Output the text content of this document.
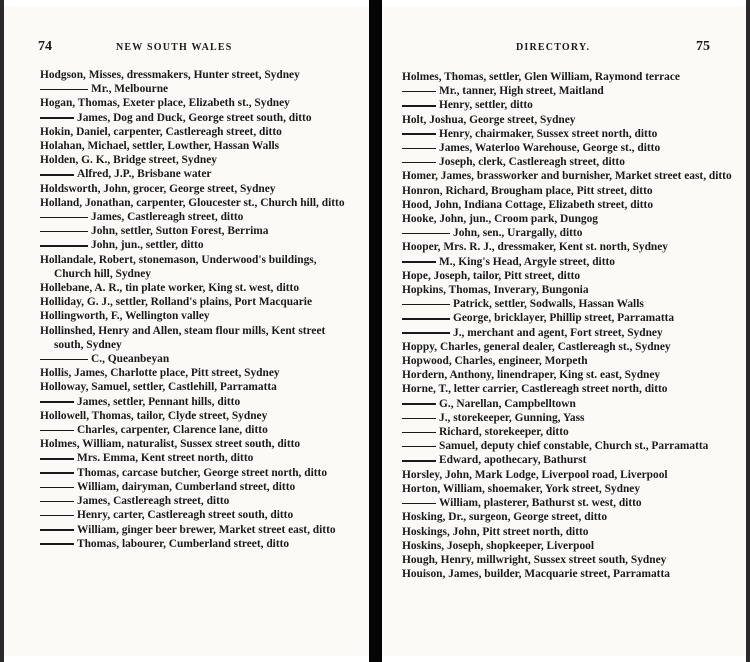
74	NEW SOUTH WALES
Hodgson, Misses, dressmakers, Hunter street, Sydney
Mr., Melbourne
Hogan, Thomas, Exeter place, Elizabeth st., Sydney
James, Dog and Duck, George street south, ditto
Hokin, Daniel, carpenter, Castlereagh street, ditto
Holahan, Michael, settler, Lowther, Hassan Walls
Holden, G. K., Bridge street, Sydney
Alfred, J.P., Brisbane water
Holdsworth, John, grocer, George street, Sydney
Holland, Jonathan, carpenter, Gloucester st., Church hill, ditto
James, Castlereagh street, ditto
John, settler, Sutton Forest, Berrima
John, jun., settler, ditto
Hollandale, Robert, stonemason, Underwood's buildings, Church hill, Sydney
Hollebane, A. R., tin plate worker, King st. west, ditto
Holliday, G. J., settler, Rolland's plains, Port Macquarie
Hollingworth, F., Wellington valley
Hollinshed, Henry and Allen, steam flour mills, Kent street south, Sydney
C., Queanbeyan
Hollis, James, Charlotte place, Pitt street, Sydney
Holloway, Samuel, settler, Castlehill, Parramatta
James, settler, Pennant hills, ditto
Hollowell, Thomas, tailor, Clyde street, Sydney
Charles, carpenter, Clarence lane, ditto
Holmes, William, naturalist, Sussex street south, ditto
Mrs. Emma, Kent street north, ditto
Thomas, carcase butcher, George street north, ditto
William, dairyman, Cumberland street, ditto
James, Castlereagh street, ditto
Henry, carter, Castlereagh street south, ditto
William, ginger beer brewer, Market street east, ditto
Thomas, labourer, Cumberland street, ditto
75
DIRECTORY.
Holmes, Thomas, settler, Glen William, Raymond terrace
Mr., tanner, High street, Maitland
Henry, settler, ditto
Holt, Joshua, George street, Sydney
Henry, chairmaker, Sussex street north, ditto
James, Waterloo Warehouse, George st., ditto
Joseph, clerk, Castlereagh street, ditto
Homer, James, brassworker and burnisher, Market street east, ditto
Honron, Richard, Brougham place, Pitt street, ditto
Hood, John, Indiana Cottage, Elizabeth street, ditto
Hooke, John, jun., Croom park, Dungog
John, sen., Urargally, ditto
Hooper, Mrs. R. J., dressmaker, Kent st. north, Sydney
M., King's Head, Argyle street, ditto
Hope, Joseph, tailor, Pitt street, ditto
Hopkins, Thomas, Inverary, Bungonia
Patrick, settler, Sodwalls, Hassan Walls
George, bricklayer, Phillip street, Parramatta
J., merchant and agent, Fort street, Sydney
Hoppy, Charles, general dealer, Castlereagh st., Sydney
Hopwood, Charles, engineer, Morpeth
Hordern, Anthony, linendraper, King st. east, Sydney
Horne, T., letter carrier, Castlereagh street north, ditto
G., Narellan, Campbelltown
J., storekeeper, Gunning, Yass
Richard, storekeeper, ditto
Samuel, deputy chief constable, Church st., Parramatta
Edward, apothecary, Bathurst
Horsley, John, Mark Lodge, Liverpool road, Liverpool
Horton, William, shoemaker, York street, Sydney
William, plasterer, Bathurst st. west, ditto
Hosking, Dr., surgeon, George street, ditto
Hoskings, John, Pitt street north, ditto
Hoskins, Joseph, shopkeeper, Liverpool
Hough, Henry, millwright, Sussex street south, Sydney
Houison, James, builder, Macquarie street, Parramatta
